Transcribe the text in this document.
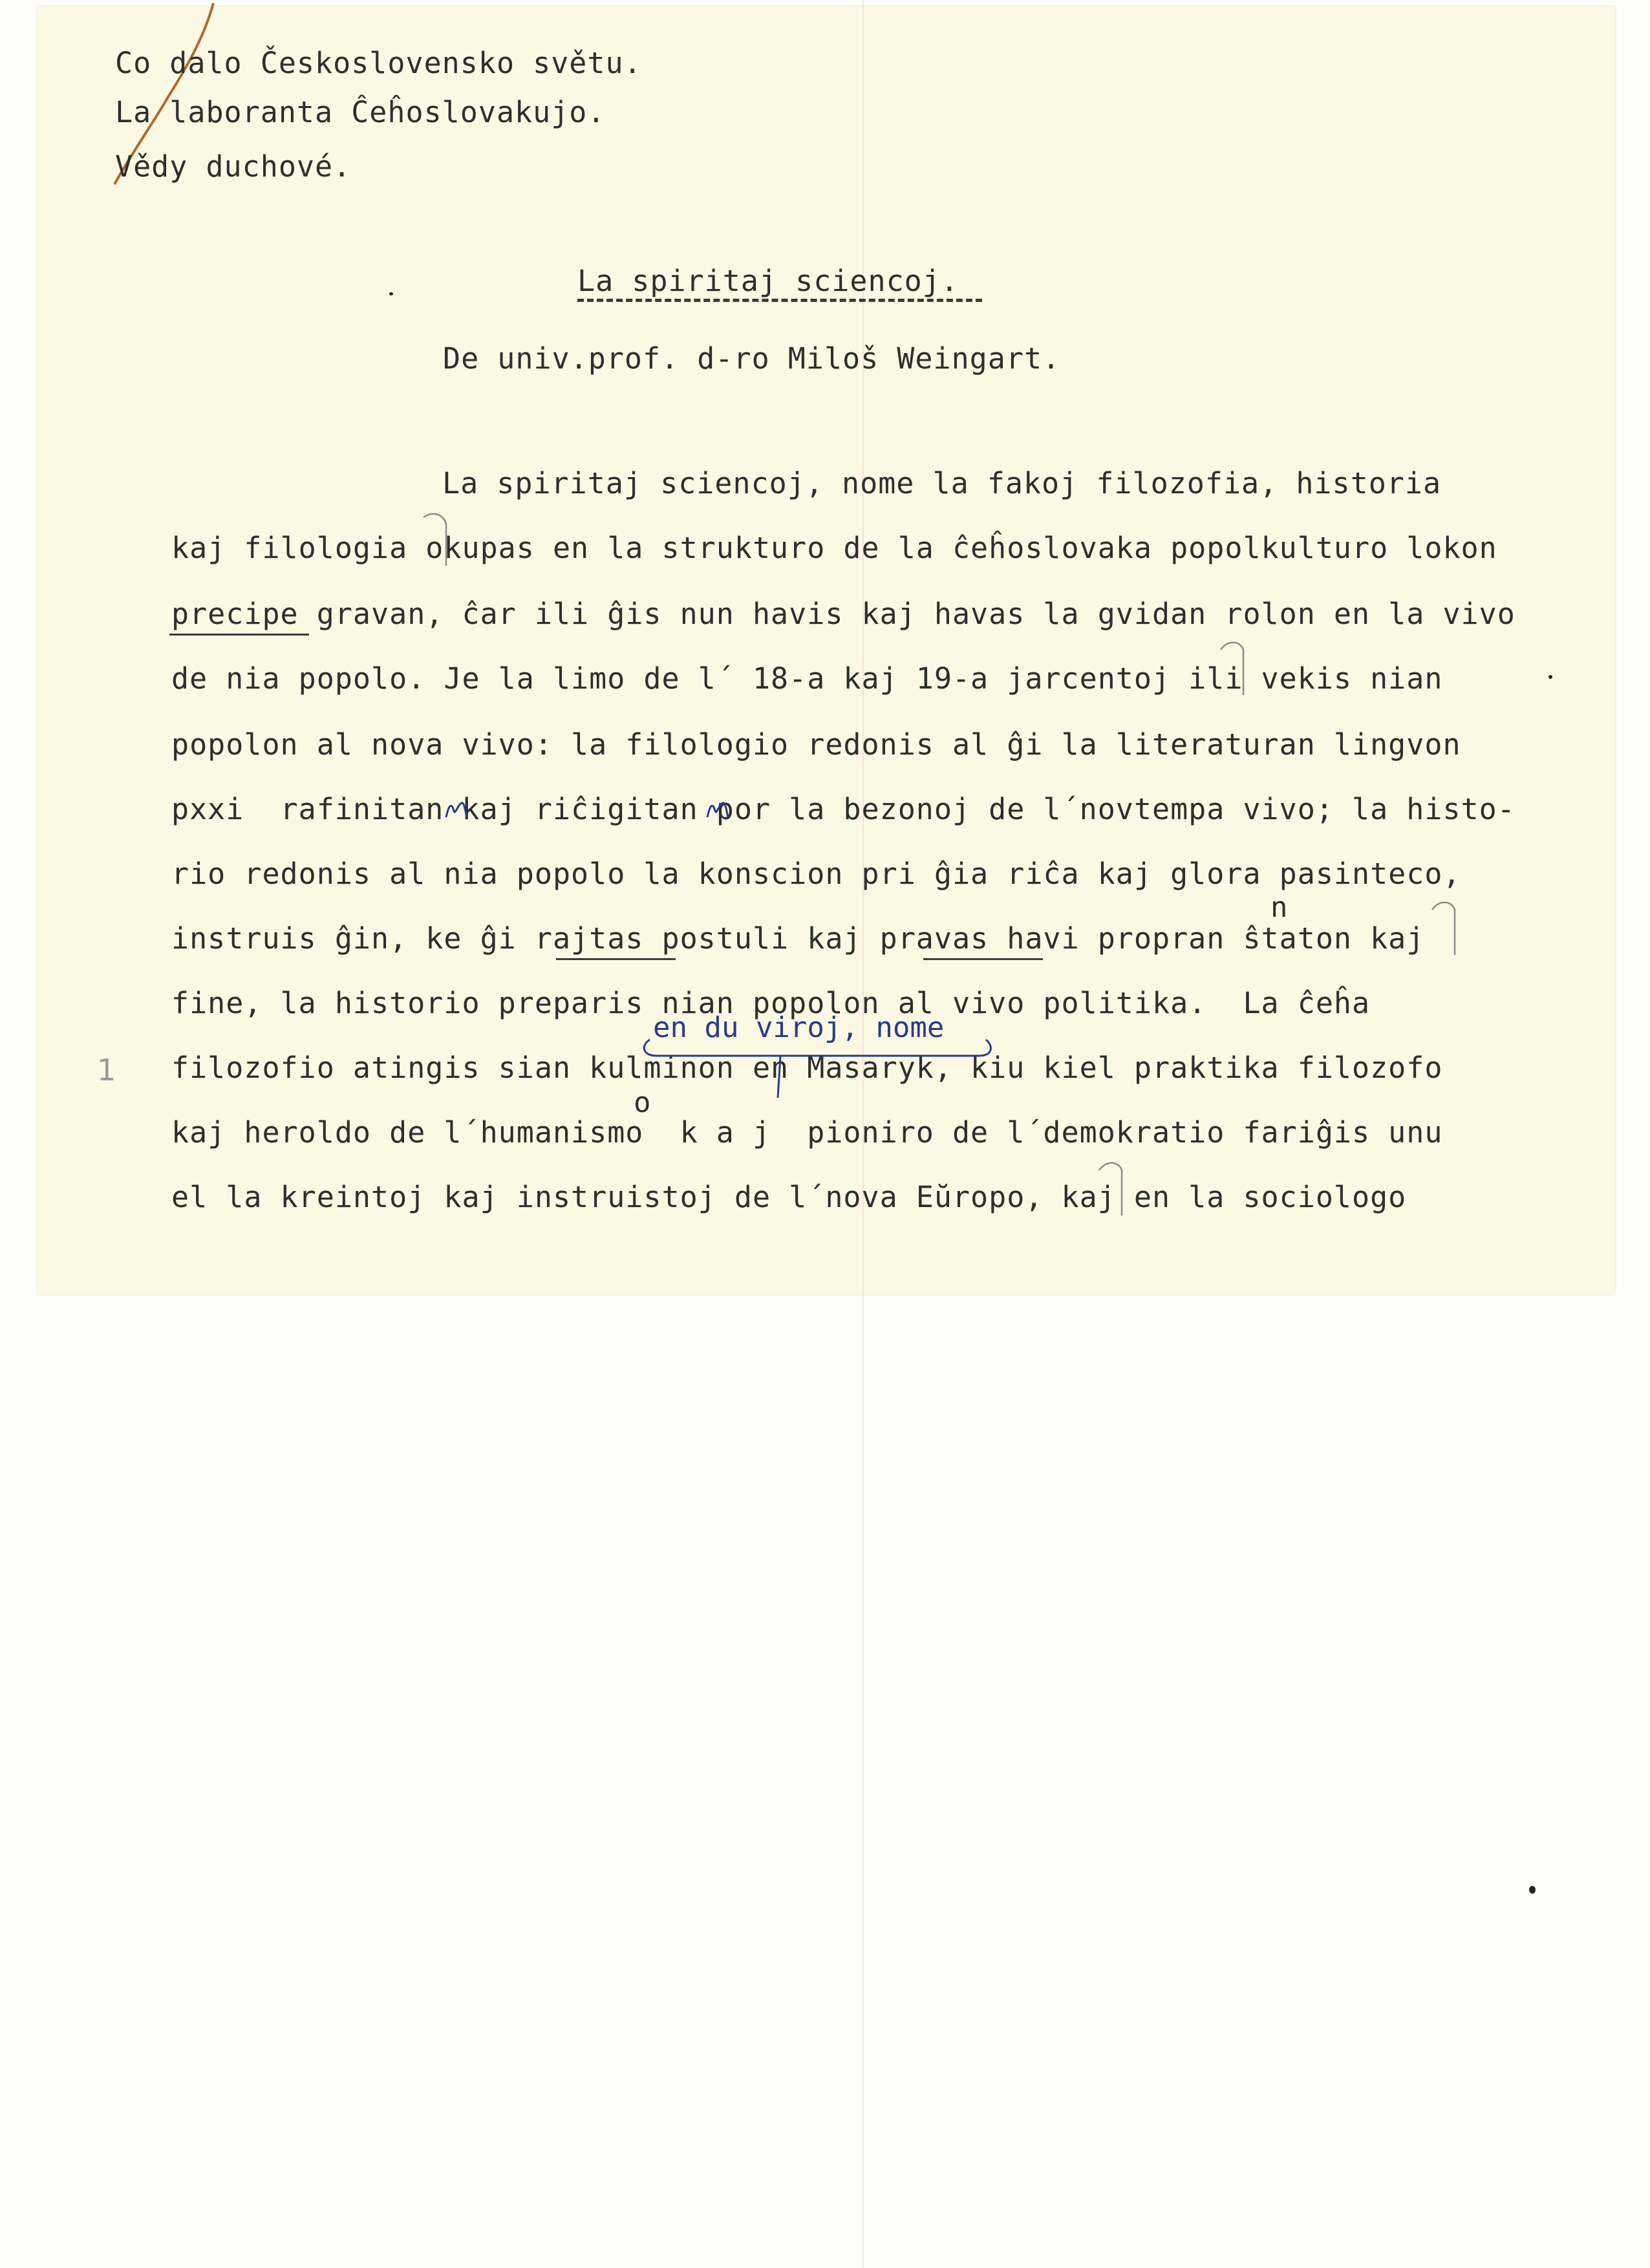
Co dalo Československo světu.

La laboranta Ĉeĥoslovakujo.

Vědy duchové.

La spiritaj sciencoj.

De univ.prof. d-ro Miloš Weingart.

La spiritaj sciencoj, nome la fakoj filozofia, historia

kaj filologia okupas en la strukturo de la ĉeĥoslovaka popolkulturo lokon

precipe gravan, ĉar ili ĝis nun havis kaj havas la gvidan rolon en la vivo

de nia popolo. Je la limo de l´ 18-a kaj 19-a jarcentoj ili vekis nian

popolon al nova vivo: la filologio redonis al ĝi la literaturan lingvon

pxxi  rafinitan kaj riĉigitan por la bezonoj de l´novtempa vivo; la histo-

rio redonis al nia popolo la konscion pri ĝia riĉa kaj glora pasinteco,

instruis ĝin, ke ĝi rajtas postuli kaj pravas havi propran ŝtaton kaj

fine, la historio preparis nian popolon al vivo politika.  La ĉeĥa

filozofio atingis sian kulminon en Masaryk, kiu kiel praktika filozofo

kaj heroldo de l´humanismo  k a j  pioniro de l´demokratio fariĝis unu

el la kreintoj kaj instruistoj de l´nova Eŭropo, kaj en la sociologo

en du viroj, nome

n

o

1
